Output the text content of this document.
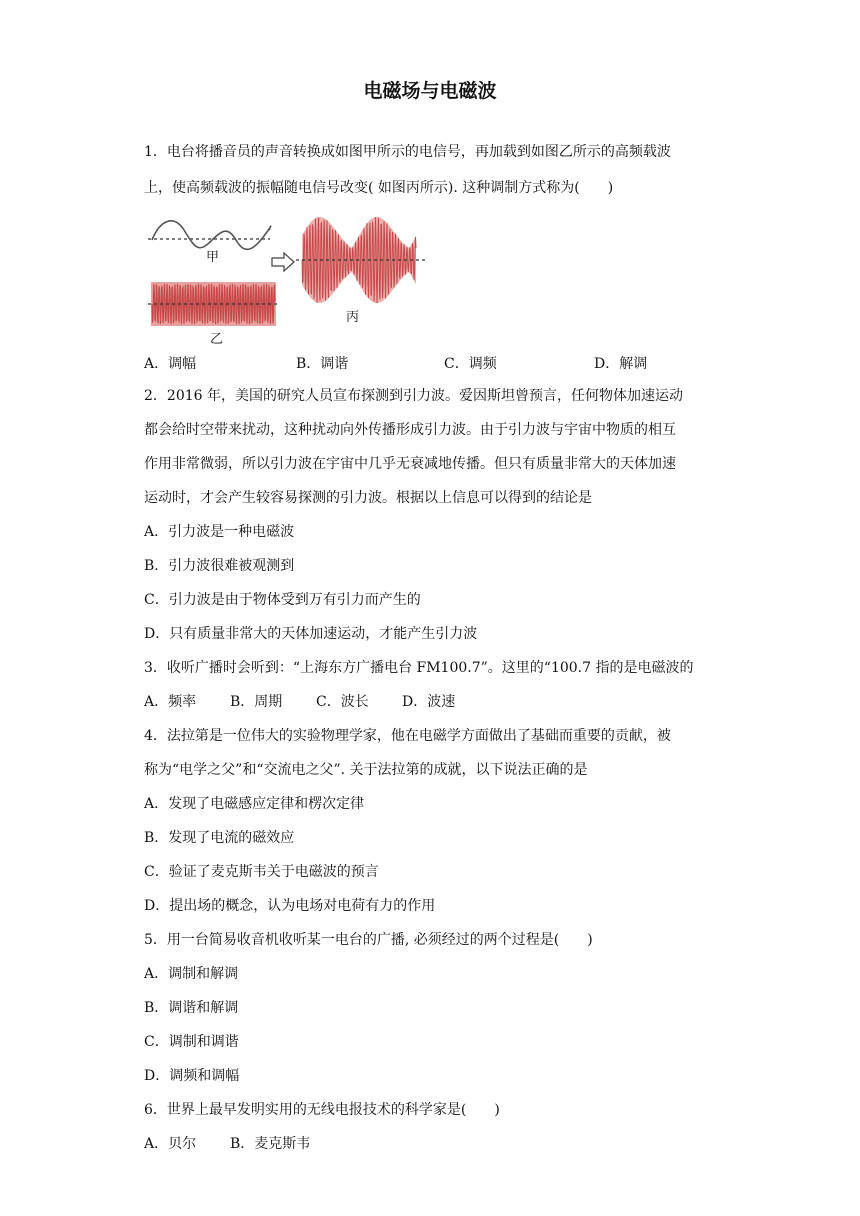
电磁场与电磁波
1．电台将播音员的声音转换成如图甲所示的电信号，再加载到如图乙所示的高频载波
上，使高频载波的振幅随电信号改变( 如图丙所示). 这种调制方式称为(　　)
甲
乙
丙
A．调幅	B．调谐	C．调频	D．解调
2．2016 年，美国的研究人员宣布探测到引力波。爱因斯坦曾预言，任何物体加速运动
都会给时空带来扰动，这种扰动向外传播形成引力波。由于引力波与宇宙中物质的相互
作用非常微弱，所以引力波在宇宙中几乎无衰减地传播。但只有质量非常大的天体加速
运动时，才会产生较容易探测的引力波。根据以上信息可以得到的结论是
A．引力波是一种电磁波
B．引力波很难被观测到
C．引力波是由于物体受到万有引力而产生的
D．只有质量非常大的天体加速运动，才能产生引力波
3．收听广播时会听到：“上海东方广播电台 FM100.7”。这里的“100.7 指的是电磁波的
A．频率 B．周期 C．波长 D．波速
4．法拉第是一位伟大的实验物理学家，他在电磁学方面做出了基础而重要的贡献，被
称为“电学之父”和“交流电之父”. 关于法拉第的成就，以下说法正确的是
A．发现了电磁感应定律和楞次定律
B．发现了电流的磁效应
C．验证了麦克斯韦关于电磁波的预言
D．提出场的概念，认为电场对电荷有力的作用
5．用一台简易收音机收听某一电台的广播, 必须经过的两个过程是(　　)
A．调制和解调
B．调谐和解调
C．调制和调谐
D．调频和调幅
6．世界上最早发明实用的无线电报技术的科学家是(　　)
A．贝尔 B．麦克斯韦
